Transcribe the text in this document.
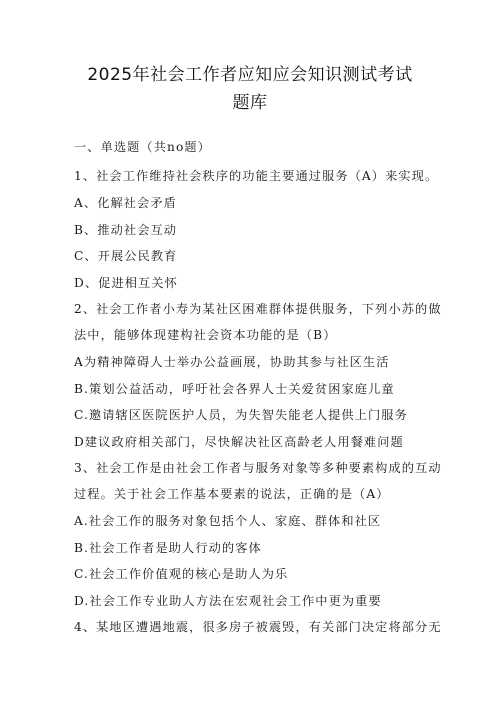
2025年社会工作者应知应会知识测试考试
题库
一、单选题（共no题）
1、社会工作维持社会秩序的功能主要通过服务（A）来实现。
A、化解社会矛盾
B、推动社会互动
C、开展公民教育
D、促进相互关怀
2、社会工作者小寿为某社区困难群体提供服务，下列小苏的做
法中，能够体现建构社会资本功能的是（B）
A为精神障碍人士举办公益画展，协助其参与社区生活
B.策划公益活动，呼吁社会各界人士关爱贫困家庭儿童
C.邀请辖区医院医护人员，为失智失能老人提供上门服务
D建议政府相关部门，尽快解决社区高龄老人用餐难问题
3、社会工作是由社会工作者与服务对象等多种要素构成的互动
过程。关于社会工作基本要素的说法，正确的是（A）
A.社会工作的服务对象包括个人、家庭、群体和社区
B.社会工作者是助人行动的客体
C.社会工作价值观的核心是助人为乐
D.社会工作专业助人方法在宏观社会工作中更为重要
4、某地区遭遇地震，很多房子被震毁，有关部门决定将部分无
